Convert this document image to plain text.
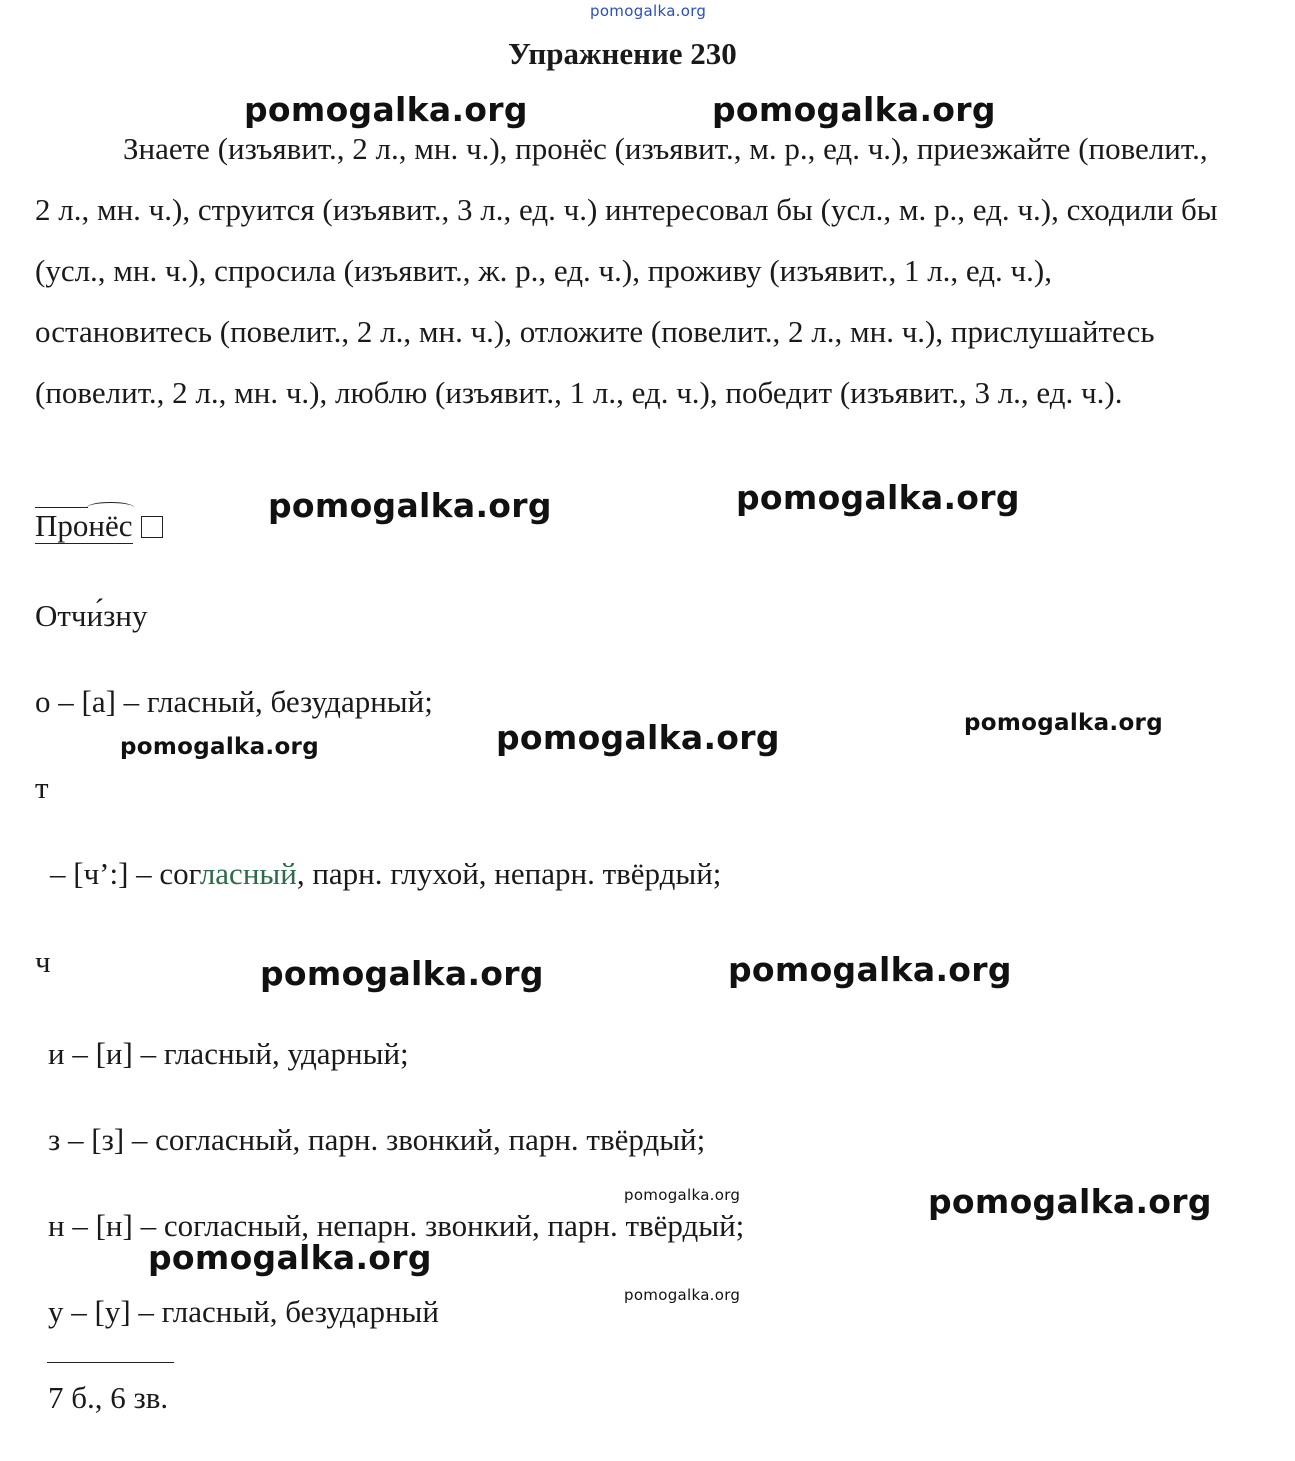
pomogalka.org
pomogalka.org	pomogalka.org
pomogalka.org	pomogalka.org
pomogalka.org	pomogalka.org	pomogalka.org
pomogalka.org	pomogalka.org
pomogalka.org	pomogalka.org
pomogalka.org
pomogalka.org
Упражнение 230
Знаете (изъявит., 2 л., мн. ч.), пронёс (изъявит., м. р., ед. ч.), приезжайте (повелит., 2 л., мн. ч.), струится (изъявит., 3 л., ед. ч.) интересовал бы (усл., м. р., ед. ч.), сходили бы (усл., мн. ч.), спросила (изъявит., ж. р., ед. ч.), проживу (изъявит., 1 л., ед. ч.), остановитесь (повелит., 2 л., мн. ч.), отложите (повелит., 2 л., мн. ч.), прислушайтесь (повелит., 2 л., мн. ч.), люблю (изъявит., 1 л., ед. ч.), победит (изъявит., 3 л., ед. ч.).
Пронёс
Отчи́зну
о – [а] – гласный, безударный;
т
– [ч’:] – согласный, парн. глухой, непарн. твёрдый;
ч
и – [и] – гласный, ударный;
з – [з] – согласный, парн. звонкий, парн. твёрдый;
н – [н] – согласный, непарн. звонкий, парн. твёрдый;
у – [у] – гласный, безударный
7 б., 6 зв.
